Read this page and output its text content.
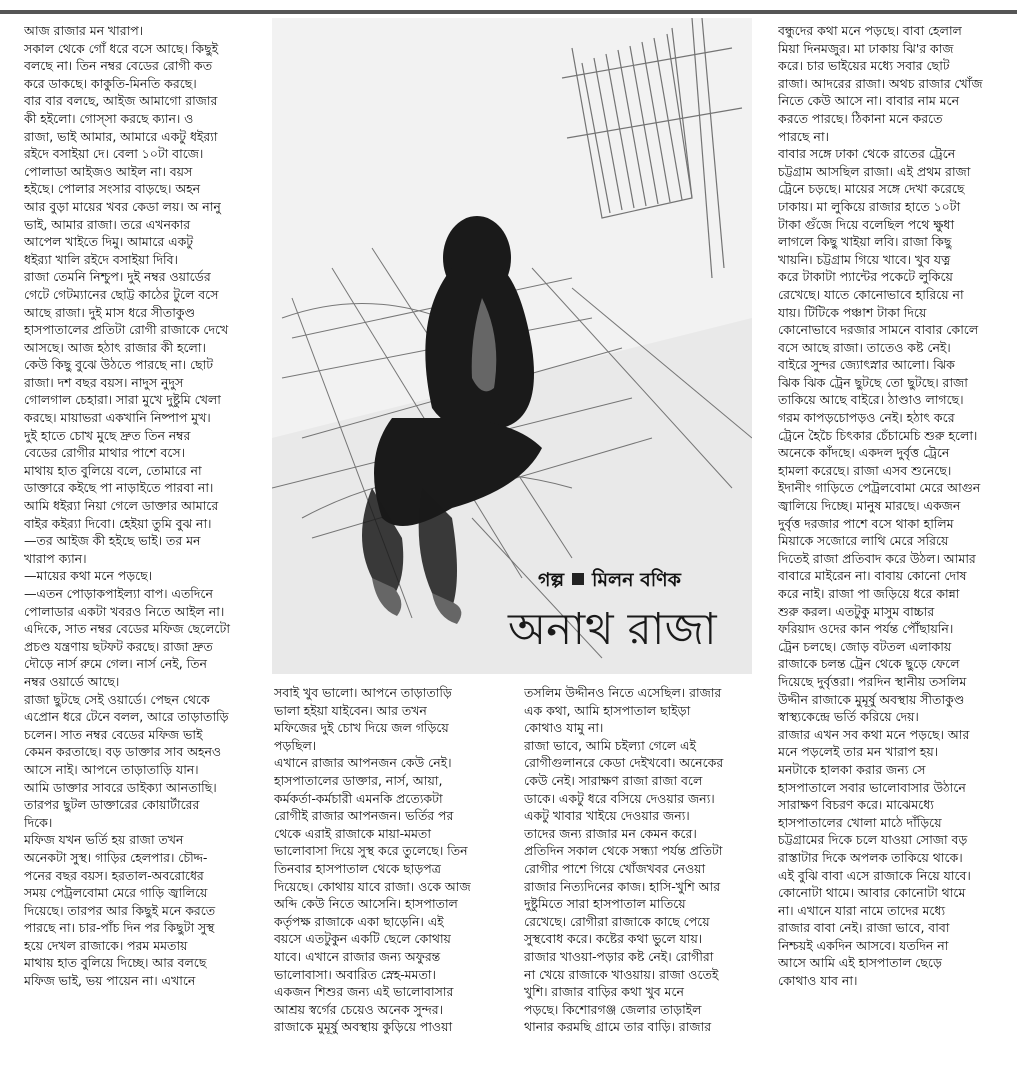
আজ রাজার মন খারাপ।

সকাল থেকে গোঁ ধরে বসে আছে। কিছুই

বলছে না। তিন নম্বর বেডের রোগী কত

করে ডাকছে। কাকুতি-মিনতি করছে।

বার বার বলছে, আইজ আমাগো রাজার

কী হইলো। গোস্‌সা করছে ক্যান। ও

রাজা, ভাই আমার, আমারে একটু ধইর‌্যা

রইদে বসাইয়া দে। বেলা ১০টা বাজে।

পোলাডা আইজও আইল না। বয়স

হইছে। পোলার সংসার বাড়ছে। অহন

আর বুড়া মায়ের খবর কেডা লয়। অ নানু

ভাই, আমার রাজা। তরে এখনকার

আপেল খাইতে দিমু। আমারে একটু

ধইর‌্যা খালি রইদে বসাইয়া দিবি।

রাজা তেমনি নিশ্চুপ। দুই নম্বর ওয়ার্ডের

গেটে গেটম্যানের ছোট্ট কাঠের টুলে বসে

আছে রাজা। দুই মাস ধরে সীতাকুণ্ড

হাসপাতালের প্রতিটা রোগী রাজাকে দেখে

আসছে। আজ হঠাৎ রাজার কী হলো।

কেউ কিছু বুঝে উঠতে পারছে না। ছোট

রাজা। দশ বছর বয়স। নাদুস নুদুস

গোলগাল চেহারা। সারা মুখে দুষ্টুমি খেলা

করছে। মায়াভরা একখানি নিষ্পাপ মুখ।

দুই হাতে চোখ মুছে দ্রুত তিন নম্বর

বেডের রোগীর মাথার পাশে বসে।

মাথায় হাত বুলিয়ে বলে, তোমারে না

ডাক্তারে কইছে পা নাড়াইতে পারবা না।

আমি ধইর‌্যা নিয়া গেলে ডাক্তার আমারে

বাইর কইর‌্যা দিবো। হেইয়া তুমি বুঝ না।

—তর আইজ কী হইছে ভাই। তর মন

খারাপ ক্যান।

—মায়ের কথা মনে পড়ছে।

—এতন পোড়াকপাইল্যা বাপ। এতদিনে

পোলাডার একটা খবরও নিতে আইল না।

এদিকে, সাত নম্বর বেডের মফিজ ছেলেটো

প্রচণ্ড যন্ত্রণায় ছটফট করছে। রাজা দ্রুত

দৌড়ে নার্স রুমে গেল। নার্স নেই, তিন

নম্বর ওয়ার্ডে আছে।

রাজা ছুটছে সেই ওয়ার্ডে। পেছন থেকে

এপ্রোন ধরে টেনে বলল, আরে তাড়াতাড়ি

চলেন। সাত নম্বর বেডের মফিজ ভাই

কেমন করতাছে। বড় ডাক্তার সাব অহনও

আসে নাই। আপনে তাড়াতাড়ি যান।

আমি ডাক্তার সাবরে ডাইক্যা আনতাছি।

তারপর ছুটল ডাক্তারের কোয়ার্টারের

দিকে।

মফিজ যখন ভর্তি হয় রাজা তখন

অনেকটা সুস্থ। গাড়ির হেলপার। চৌদ্দ-

পনের বছর বয়স। হরতাল-অবরোধের

সময় পেট্রলবোমা মেরে গাড়ি জ্বালিয়ে

দিয়েছে। তারপর আর কিছুই মনে করতে

পারছে না। চার-পাঁচ দিন পর কিছুটা সুস্থ

হয়ে দেখল রাজাকে। পরম মমতায়

মাথায় হাত বুলিয়ে দিচ্ছে। আর বলছে

মফিজ ভাই, ভয় পায়েন না। এখানে

সবাই খুব ভালো। আপনে তাড়াতাড়ি

ভালা হইয়া যাইবেন। আর তখন

মফিজের দুই চোখ দিয়ে জল গড়িয়ে

পড়ছিল।

এখানে রাজার আপনজন কেউ নেই।

হাসপাতালের ডাক্তার, নার্স, আয়া,

কর্মকর্তা-কর্মচারী এমনকি প্রত্যেকটা

রোগীই রাজার আপনজন। ভর্তির পর

থেকে এরাই রাজাকে মায়া-মমতা

ভালোবাসা দিয়ে সুস্থ করে তুলেছে। তিন

তিনবার হাসপাতাল থেকে ছাড়পত্র

দিয়েছে। কোথায় যাবে রাজা। ওকে আজ

অব্দি কেউ নিতে আসেনি। হাসপাতাল

কর্তৃপক্ষ রাজাকে একা ছাড়েনি। এই

বয়সে এতটুকুন একটি ছেলে কোথায়

যাবে। এখানে রাজার জন্য অফুরন্ত

ভালোবাসা। অবারিত স্নেহ-মমতা।

একজন শিশুর জন্য এই ভালোবাসার

আশ্রয় স্বর্গের চেয়েও অনেক সুন্দর।

রাজাকে মুমূর্ষু অবস্থায় কুড়িয়ে পাওয়া

তসলিম উদ্দীনও নিতে এসেছিল। রাজার

এক কথা, আমি হাসপাতাল ছাইড়া

কোথাও যামু না।

রাজা ভাবে, আমি চইল্যা গেলে এই

রোগীগুলানরে কেডা দেইখবো। অনেকের

কেউ নেই। সারাক্ষণ রাজা রাজা বলে

ডাকে। একটু ধরে বসিয়ে দেওয়ার জন্য।

একটু খাবার খাইয়ে দেওয়ার জন্য।

তাদের জন্য রাজার মন কেমন করে।

প্রতিদিন সকাল থেকে সন্ধ্যা পর্যন্ত প্রতিটা

রোগীর পাশে গিয়ে খোঁজখবর নেওয়া

রাজার নিত্যদিনের কাজ। হাসি-খুশি আর

দুষ্টুমিতে সারা হাসপাতাল মাতিয়ে

রেখেছে। রোগীরা রাজাকে কাছে পেয়ে

সুস্থবোধ করে। কষ্টের কথা ভুলে যায়।

রাজার খাওয়া-পড়ার কষ্ট নেই। রোগীরা

না খেয়ে রাজাকে খাওয়ায়। রাজা ওতেই

খুশি। রাজার বাড়ির কথা খুব মনে

পড়ছে। কিশোরগঞ্জ জেলার তাড়াইল

থানার করমছি গ্রামে তার বাড়ি। রাজার

বন্ধুদের কথা মনে পড়ছে। বাবা হেলাল

মিয়া দিনমজুর। মা ঢাকায় ঝি'র কাজ

করে। চার ভাইয়ের মধ্যে সবার ছোট

রাজা। আদরের রাজা। অথচ রাজার খোঁজ

নিতে কেউ আসে না। বাবার নাম মনে

করতে পারছে। ঠিকানা মনে করতে

পারছে না।

বাবার সঙ্গে ঢাকা থেকে রাতের ট্রেনে

চট্টগ্রাম আসছিল রাজা। এই প্রথম রাজা

ট্রেনে চড়ছে। মায়ের সঙ্গে দেখা করেছে

ঢাকায়। মা লুকিয়ে রাজার হাতে ১০টা

টাকা গুঁজে দিয়ে বলেছিল পথে ক্ষুধা

লাগলে কিছু খাইয়া লবি। রাজা কিছু

খায়নি। চট্টগ্রাম গিয়ে খাবে। খুব যত্ন

করে টাকাটা প্যান্টের পকেটে লুকিয়ে

রেখেছে। যাতে কোনোভাবে হারিয়ে না

যায়। টিটিকে পঞ্চাশ টাকা দিয়ে

কোনোভাবে দরজার সামনে বাবার কোলে

বসে আছে রাজা। তাতেও কষ্ট নেই।

বাইরে সুন্দর জ্যোৎস্নার আলো। ঝিক

ঝিক ঝিক ট্রেন ছুটছে তো ছুটছে। রাজা

তাকিয়ে আছে বাইরে। ঠাণ্ডাও লাগছে।

গরম কাপড়চোপড়ও নেই। হঠাৎ করে

ট্রেনে হৈচৈ চিৎকার চেঁচামেচি শুরু হলো।

অনেকে কাঁদছে। একদল দুর্বৃত্ত ট্রেনে

হামলা করেছে। রাজা এসব শুনেছে।

ইদানীং গাড়িতে পেট্রলবোমা মেরে আগুন

জ্বালিয়ে দিচ্ছে। মানুষ মারছে। একজন

দুর্বৃত্ত দরজার পাশে বসে থাকা হালিম

মিয়াকে সজোরে লাথি মেরে সরিয়ে

দিতেই রাজা প্রতিবাদ করে উঠল। আমার

বাবারে মাইরেন না। বাবায় কোনো দোষ

করে নাই। রাজা পা জড়িয়ে ধরে কান্না

শুরু করল। এতটুকু মাসুম বাচ্চার

ফরিয়াদ ওদের কান পর্যন্ত পৌঁছায়নি।

ট্রেন চলছে। জোড় বটতল এলাকায়

রাজাকে চলন্ত ট্রেন থেকে ছুড়ে ফেলে

দিয়েছে দুর্বৃত্তরা। পরদিন স্থানীয় তসলিম

উদ্দীন রাজাকে মুমূর্ষু অবস্থায় সীতাকুণ্ড

স্বাস্থ্যকেন্দ্রে ভর্তি করিয়ে দেয়।

রাজার এখন সব কথা মনে পড়ছে। আর

মনে পড়লেই তার মন খারাপ হয়।

মনটাকে হালকা করার জন্য সে

হাসপাতালে সবার ভালোবাসার উঠানে

সারাক্ষণ বিচরণ করে। মাঝেমধ্যে

হাসপাতালের খোলা মাঠে দাঁড়িয়ে

চট্টগ্রামের দিকে চলে যাওয়া সোজা বড়

রাস্তাটার দিকে অপলক তাকিয়ে থাকে।

এই বুঝি বাবা এসে রাজাকে নিয়ে যাবে।

কোনোটা থামে। আবার কোনোটা থামে

না। এখানে যারা নামে তাদের মধ্যে

রাজার বাবা নেই। রাজা ভাবে, বাবা

নিশ্চয়ই একদিন আসবে। যতদিন না

আসে আমি এই হাসপাতাল ছেড়ে

কোথাও যাব না।

গল্প মিলন বণিক
অনাথ রাজা
